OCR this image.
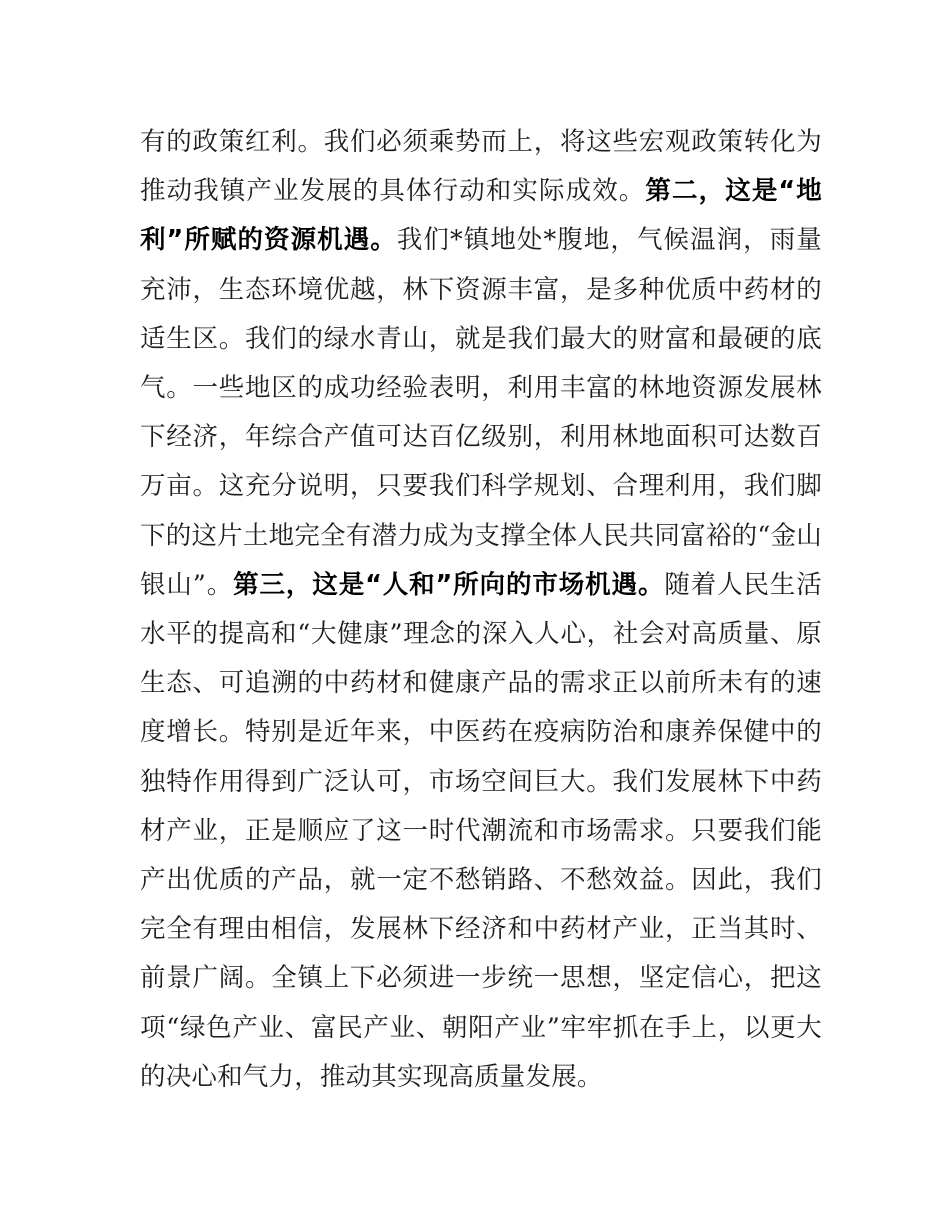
有的政策红利。我们必须乘势而上，将这些宏观政策转化为推动我镇产业发展的具体行动和实际成效。第二，这是“地利”所赋的资源机遇。我们*镇地处*腹地，气候温润，雨量充沛，生态环境优越，林下资源丰富，是多种优质中药材的适生区。我们的绿水青山，就是我们最大的财富和最硬的底气。一些地区的成功经验表明，利用丰富的林地资源发展林下经济，年综合产值可达百亿级别，利用林地面积可达数百万亩。这充分说明，只要我们科学规划、合理利用，我们脚下的这片土地完全有潜力成为支撑全体人民共同富裕的“金山银山”。第三，这是“人和”所向的市场机遇。随着人民生活水平的提高和“大健康”理念的深入人心，社会对高质量、原生态、可追溯的中药材和健康产品的需求正以前所未有的速度增长。特别是近年来，中医药在疫病防治和康养保健中的独特作用得到广泛认可，市场空间巨大。我们发展林下中药材产业，正是顺应了这一时代潮流和市场需求。只要我们能产出优质的产品，就一定不愁销路、不愁效益。因此，我们完全有理由相信，发展林下经济和中药材产业，正当其时、前景广阔。全镇上下必须进一步统一思想，坚定信心，把这项“绿色产业、富民产业、朝阳产业”牢牢抓在手上，以更大的决心和气力，推动其实现高质量发展。
